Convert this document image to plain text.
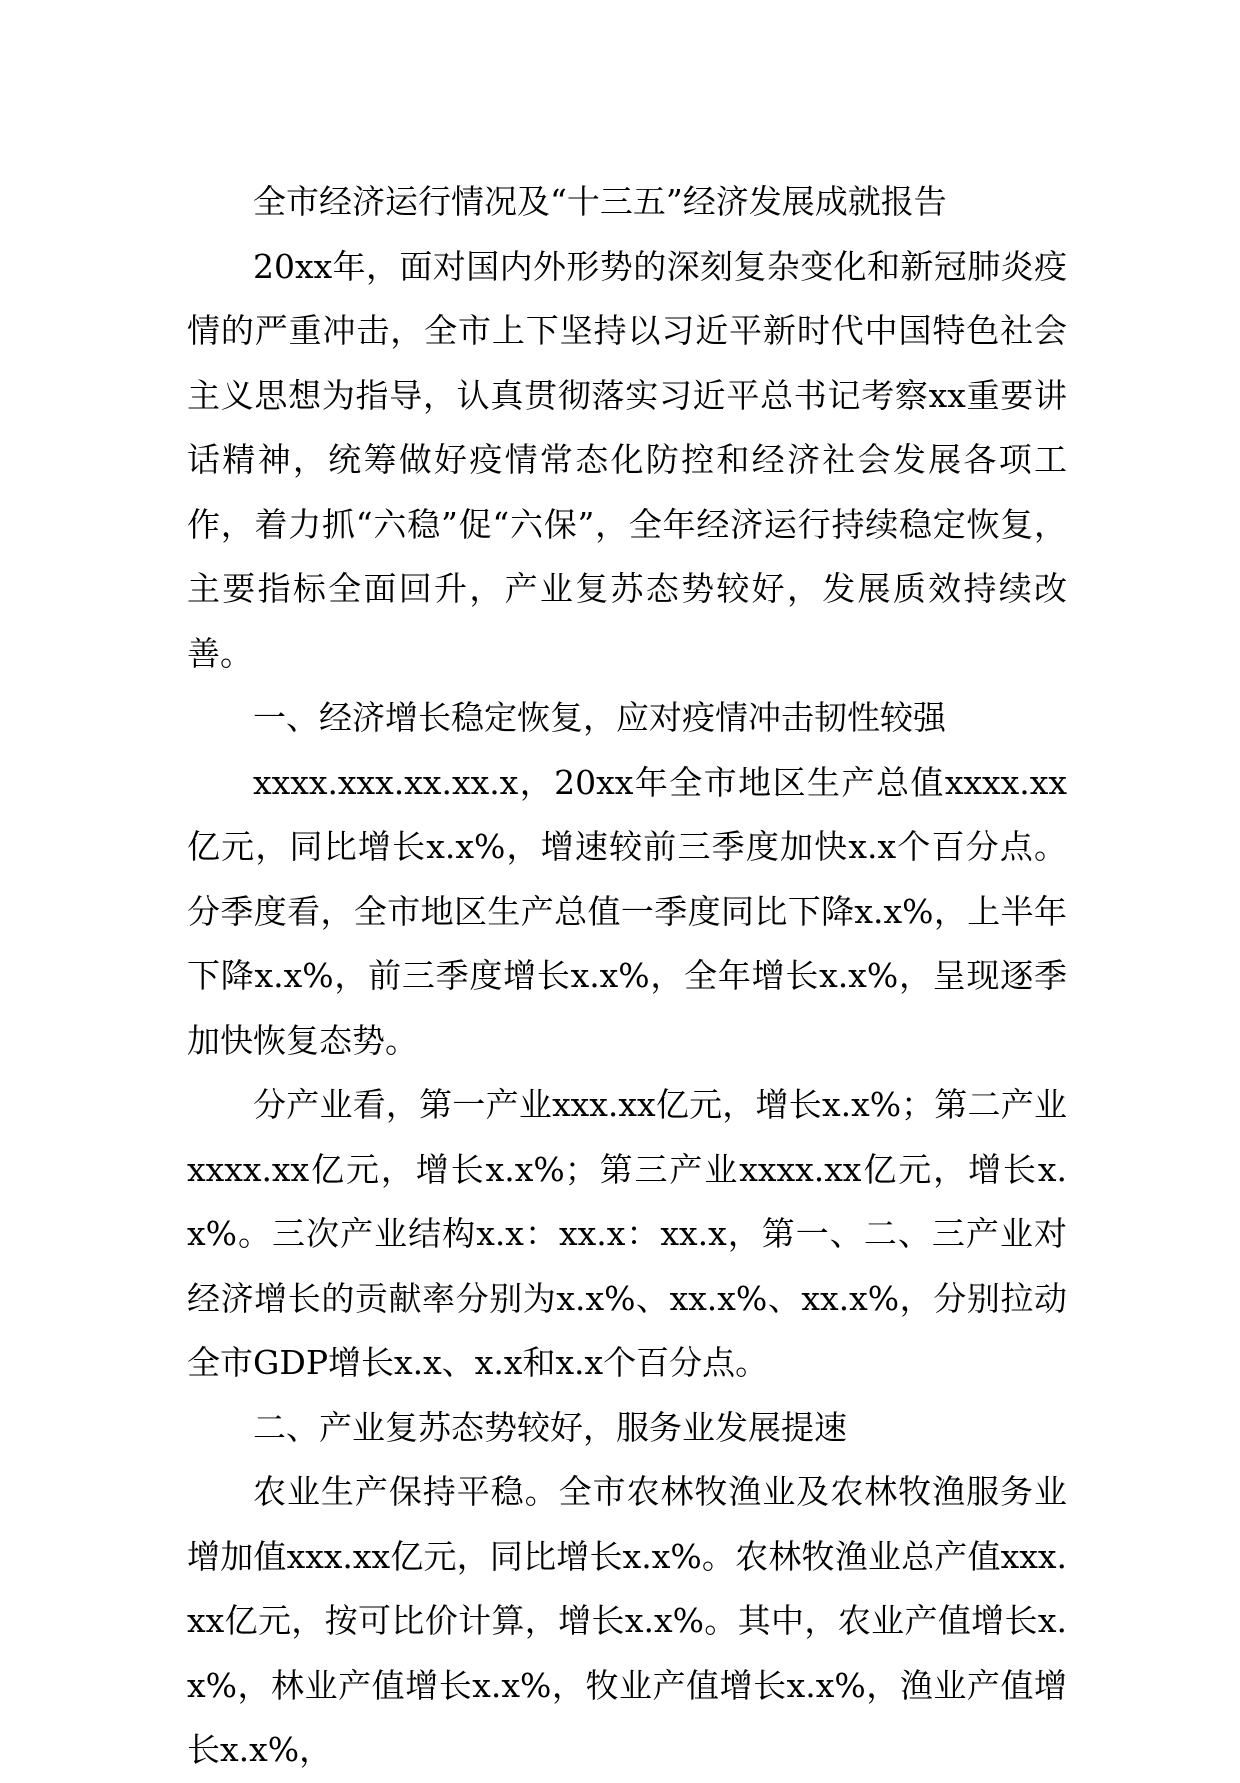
全市经济运行情况及“十三五”经济发展成就报告

20xx年，面对国内外形势的深刻复杂变化和新冠肺炎疫情的严重冲击，全市上下坚持以习近平新时代中国特色社会主义思想为指导，认真贯彻落实习近平总书记考察xx重要讲话精神，统筹做好疫情常态化防控和经济社会发展各项工作，着力抓“六稳”促“六保”，全年经济运行持续稳定恢复，主要指标全面回升，产业复苏态势较好，发展质效持续改善。

一、经济增长稳定恢复，应对疫情冲击韧性较强

xxxx.xxx.xx.xx.x，20xx年全市地区生产总值xxxx.xx亿元，同比增长x.x%，增速较前三季度加快x.x个百分点。分季度看，全市地区生产总值一季度同比下降x.x%，上半年下降x.x%，前三季度增长x.x%，全年增长x.x%，呈现逐季加快恢复态势。

分产业看，第一产业xxx.xx亿元，增长x.x%；第二产业xxxx.xx亿元，增长x.x%；第三产业xxxx.xx亿元，增长x.x%。三次产业结构x.x：xx.x：xx.x，第一、二、三产业对经济增长的贡献率分别为x.x%、xx.x%、xx.x%，分别拉动全市GDP增长x.x、x.x和x.x个百分点。

二、产业复苏态势较好，服务业发展提速

农业生产保持平稳。全市农林牧渔业及农林牧渔服务业增加值xxx.xx亿元，同比增长x.x%。农林牧渔业总产值xxx.xx亿元，按可比价计算，增长x.x%。其中，农业产值增长x.x%，林业产值增长x.x%，牧业产值增长x.x%，渔业产值增长x.x%，
